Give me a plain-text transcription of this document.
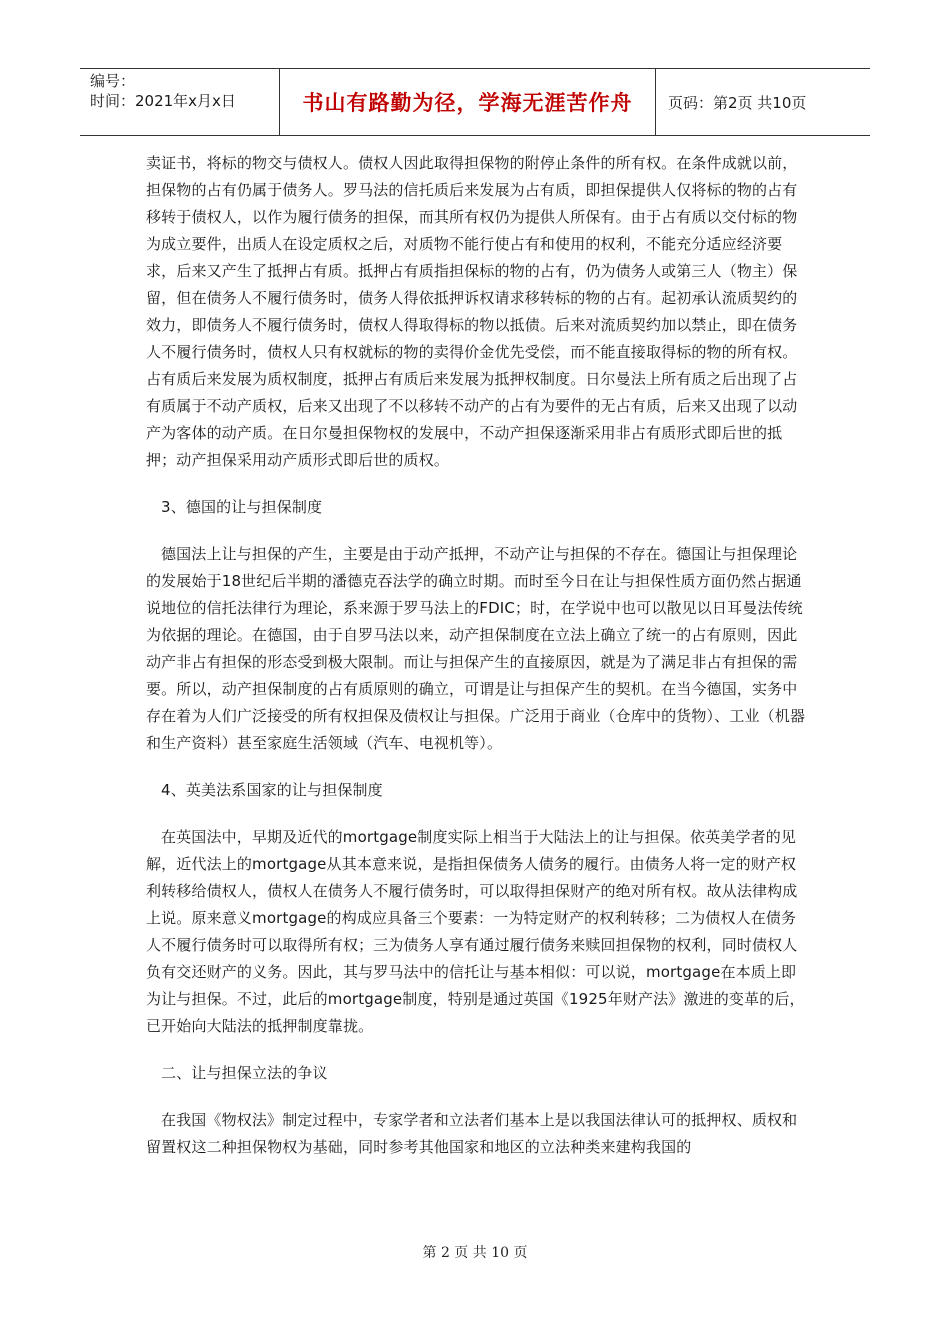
编号：
时间：2021年x月x日	书山有路勤为径，学海无涯苦作舟	页码：第2页 共10页

卖证书，将标的物交与债权人。债权人因此取得担保物的附停止条件的所有权。在条件成就以前，担保物的占有仍属于债务人。罗马法的信托质后来发展为占有质，即担保提供人仅将标的物的占有移转于债权人，以作为履行债务的担保，而其所有权仍为提供人所保有。由于占有质以交付标的物为成立要件，出质人在设定质权之后，对质物不能行使占有和使用的权利，不能充分适应经济要求，后来又产生了抵押占有质。抵押占有质指担保标的物的占有，仍为债务人或第三人（物主）保留，但在债务人不履行债务时，债务人得依抵押诉权请求移转标的物的占有。起初承认流质契约的效力，即债务人不履行债务时，债权人得取得标的物以抵债。后来对流质契约加以禁止，即在债务人不履行债务时，债权人只有权就标的物的卖得价金优先受偿，而不能直接取得标的物的所有权。占有质后来发展为质权制度，抵押占有质后来发展为抵押权制度。日尔曼法上所有质之后出现了占有质属于不动产质权，后来又出现了不以移转不动产的占有为要件的无占有质，后来又出现了以动产为客体的动产质。在日尔曼担保物权的发展中，不动产担保逐渐采用非占有质形式即后世的抵押；动产担保采用动产质形式即后世的质权。

3、德国的让与担保制度

德国法上让与担保的产生，主要是由于动产抵押，不动产让与担保的不存在。德国让与担保理论的发展始于18世纪后半期的潘德克吞法学的确立时期。而时至今日在让与担保性质方面仍然占据通说地位的信托法律行为理论，系来源于罗马法上的FDIC；时，在学说中也可以散见以日耳曼法传统为依据的理论。在德国，由于自罗马法以来，动产担保制度在立法上确立了统一的占有原则，因此动产非占有担保的形态受到极大限制。而让与担保产生的直接原因，就是为了满足非占有担保的需要。所以，动产担保制度的占有质原则的确立，可谓是让与担保产生的契机。在当今德国，实务中存在着为人们广泛接受的所有权担保及债权让与担保。广泛用于商业（仓库中的货物）、工业（机器和生产资料）甚至家庭生活领域（汽车、电视机等）。

4、英美法系国家的让与担保制度

在英国法中，早期及近代的mortgage制度实际上相当于大陆法上的让与担保。依英美学者的见解，近代法上的mortgage从其本意来说，是指担保债务人债务的履行。由债务人将一定的财产权利转移给债权人，债权人在债务人不履行债务时，可以取得担保财产的绝对所有权。故从法律构成上说。原来意义mortgage的构成应具备三个要素：一为特定财产的权利转移；二为债权人在债务人不履行债务时可以取得所有权；三为债务人享有通过履行债务来赎回担保物的权利，同时债权人负有交还财产的义务。因此，其与罗马法中的信托让与基本相似：可以说，mortgage在本质上即为让与担保。不过，此后的mortgage制度，特别是通过英国《1925年财产法》激进的变革的后，已开始向大陆法的抵押制度靠拢。

二、让与担保立法的争议

在我国《物权法》制定过程中，专家学者和立法者们基本上是以我国法律认可的抵押权、质权和留置权这二种担保物权为基础，同时参考其他国家和地区的立法种类来建构我国的

第 2 页 共 10 页
